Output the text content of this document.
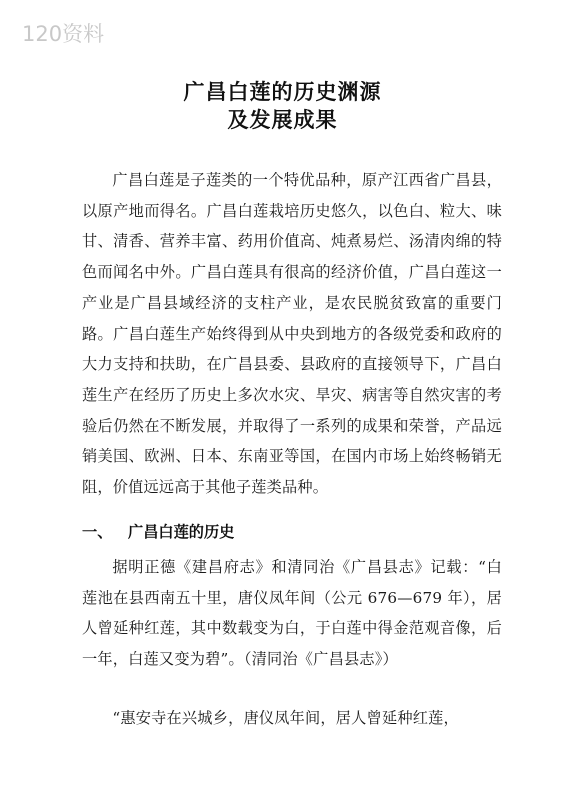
120资料
广昌白莲的历史渊源
及发展成果
广昌白莲是子莲类的一个特优品种，原产江西省广昌县，以原产地而得名。广昌白莲栽培历史悠久，以色白、粒大、味甘、清香、营养丰富、药用价值高、炖煮易烂、汤清肉绵的特色而闻名中外。广昌白莲具有很高的经济价值，广昌白莲这一产业是广昌县域经济的支柱产业，是农民脱贫致富的重要门路。广昌白莲生产始终得到从中央到地方的各级党委和政府的大力支持和扶助，在广昌县委、县政府的直接领导下，广昌白莲生产在经历了历史上多次水灾、旱灾、病害等自然灾害的考验后仍然在不断发展，并取得了一系列的成果和荣誉，产品远销美国、欧洲、日本、东南亚等国，在国内市场上始终畅销无阻，价值远远高于其他子莲类品种。
一、 广昌白莲的历史
据明正德《建昌府志》和清同治《广昌县志》记载：“白莲池在县西南五十里，唐仪凤年间（公元 676—679 年），居人曾延种红莲，其中数载变为白，于白莲中得金范观音像，后一年，白莲又变为碧”。（清同治《广昌县志》）
“惠安寺在兴城乡，唐仪凤年间，居人曾延种红莲，
